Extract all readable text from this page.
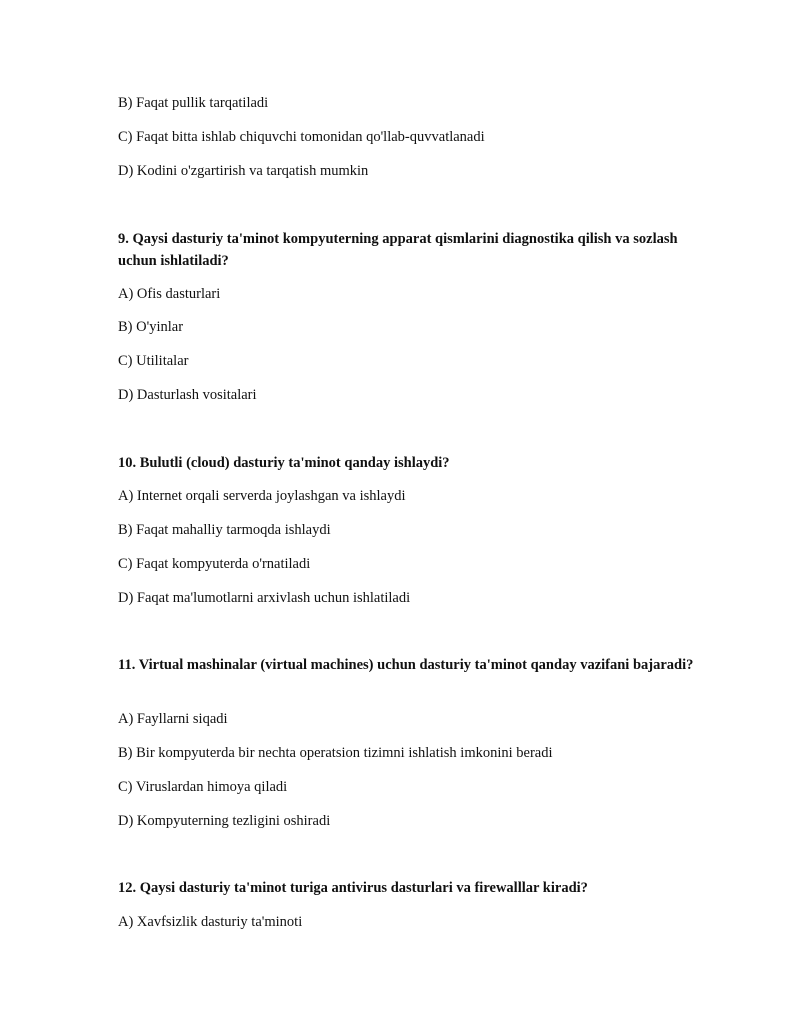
B) Faqat pullik tarqatiladi
C) Faqat bitta ishlab chiquvchi tomonidan qo'llab-quvvatlanadi
D) Kodini o'zgartirish va tarqatish mumkin
9. Qaysi dasturiy ta'minot kompyuterning apparat qismlarini diagnostika qilish va sozlash uchun ishlatiladi?
A) Ofis dasturlari
B) O'yinlar
C) Utilitalar
D) Dasturlash vositalari
10. Bulutli (cloud) dasturiy ta'minot qanday ishlaydi?
A) Internet orqali serverda joylashgan va ishlaydi
B) Faqat mahalliy tarmoqda ishlaydi
C) Faqat kompyuterda o'rnatiladi
D) Faqat ma'lumotlarni arxivlash uchun ishlatiladi
11. Virtual mashinalar (virtual machines) uchun dasturiy ta'minot qanday vazifani bajaradi?
A) Fayllarni siqadi
B) Bir kompyuterda bir nechta operatsion tizimni ishlatish imkonini beradi
C) Viruslardan himoya qiladi
D) Kompyuterning tezligini oshiradi
12. Qaysi dasturiy ta'minot turiga antivirus dasturlari va firewalllar kiradi?
A) Xavfsizlik dasturiy ta'minoti
